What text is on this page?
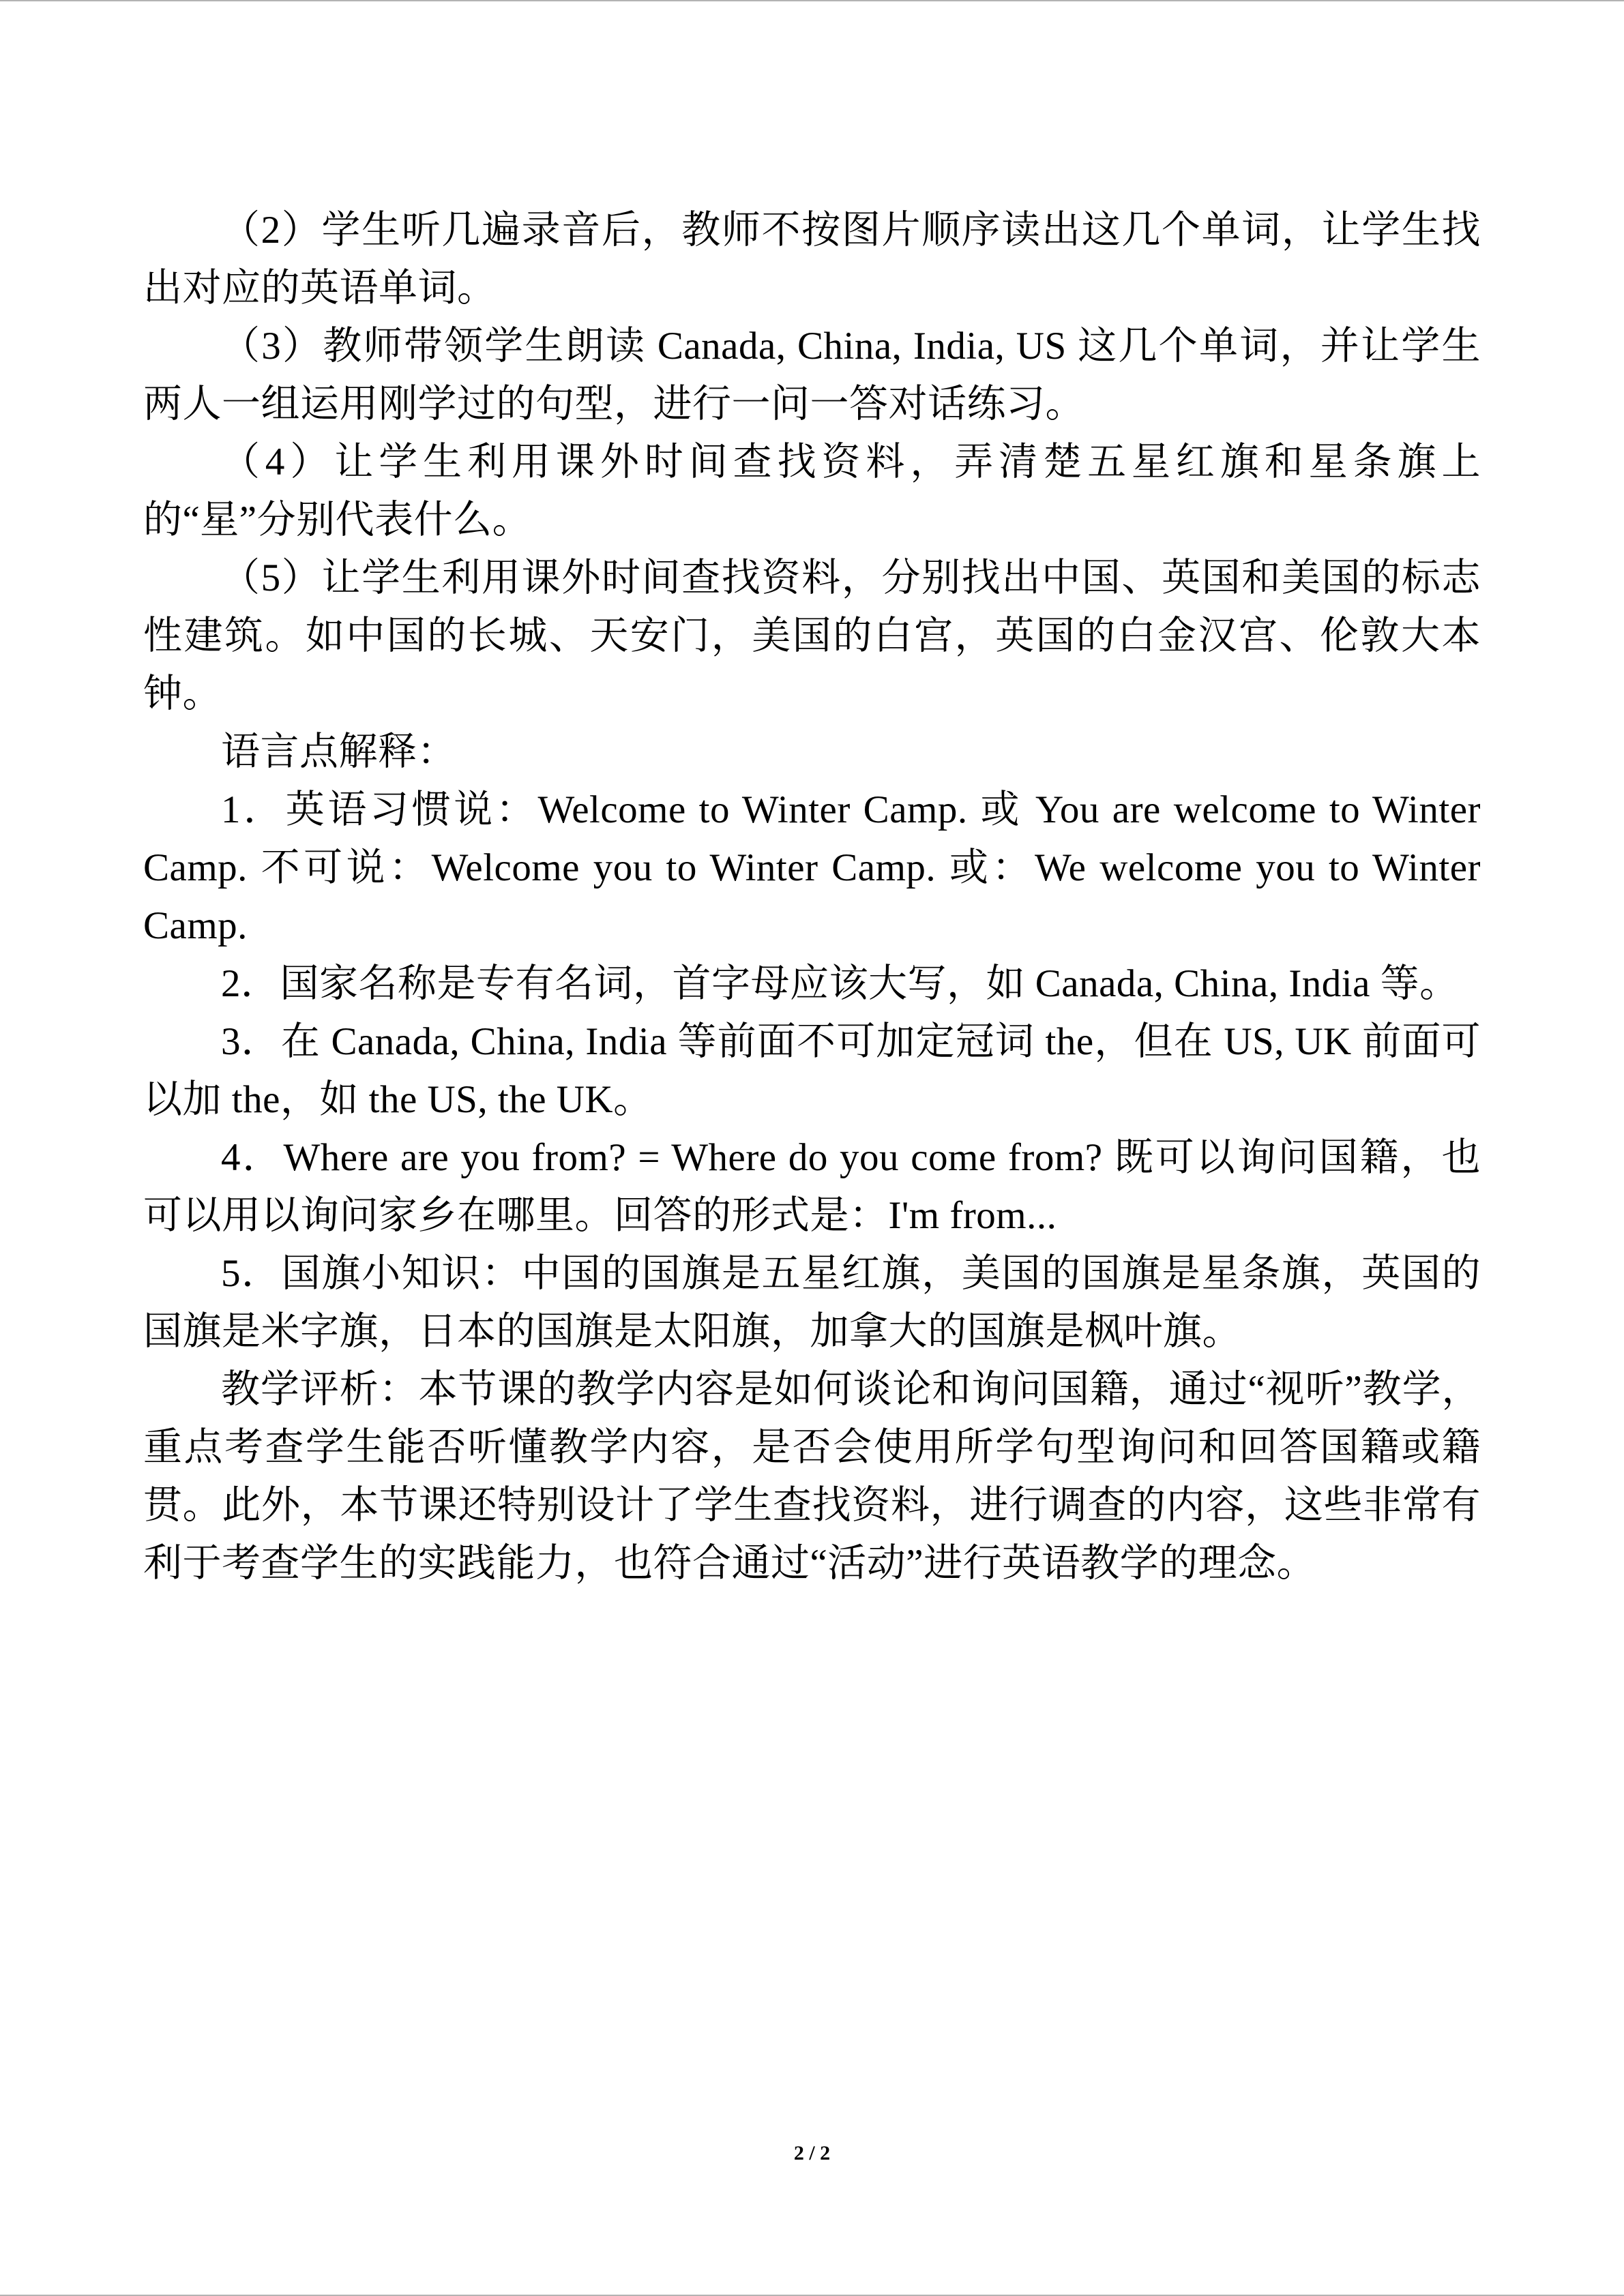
（2）学生听几遍录音后，教师不按图片顺序读出这几个单词，让学生找出对应的英语单词。

（3）教师带领学生朗读 Canada, China, India, US 这几个单词，并让学生两人一组运用刚学过的句型，进行一问一答对话练习。

（4）让学生利用课外时间查找资料，弄清楚五星红旗和星条旗上的“星”分别代表什么。

（5）让学生利用课外时间查找资料，分别找出中国、英国和美国的标志性建筑。如中国的长城、天安门，美国的白宫，英国的白金汉宫、伦敦大本钟。

语言点解释：

1．英语习惯说：Welcome to Winter Camp. 或 You are welcome to Winter Camp. 不可说：Welcome you to Winter Camp. 或：We welcome you to Winter Camp.

2．国家名称是专有名词，首字母应该大写，如 Canada, China, India 等。

3．在 Canada, China, India 等前面不可加定冠词 the，但在 US, UK 前面可以加 the，如 the US, the UK。

4．Where are you from? = Where do you come from? 既可以询问国籍，也可以用以询问家乡在哪里。回答的形式是：I'm from...

5．国旗小知识：中国的国旗是五星红旗，美国的国旗是星条旗，英国的国旗是米字旗，日本的国旗是太阳旗，加拿大的国旗是枫叶旗。

教学评析：本节课的教学内容是如何谈论和询问国籍，通过“视听”教学，重点考查学生能否听懂教学内容，是否会使用所学句型询问和回答国籍或籍贯。此外，本节课还特别设计了学生查找资料，进行调查的内容，这些非常有利于考查学生的实践能力，也符合通过“活动”进行英语教学的理念。

2 / 2
